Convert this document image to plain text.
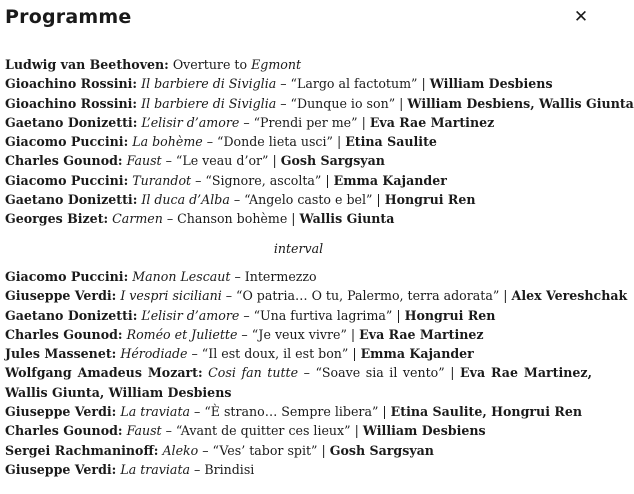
Programme	✕
Ludwig van Beethoven: Overture to Egmont
Gioachino Rossini: Il barbiere di Siviglia – “Largo al factotum” | William Desbiens
Gioachino Rossini: Il barbiere di Siviglia – “Dunque io son” | William Desbiens, Wallis Giunta
Gaetano Donizetti: L’elisir d’amore – “Prendi per me” | Eva Rae Martinez
Giacomo Puccini: La bohème – “Donde lieta usci” | Etina Saulite
Charles Gounod: Faust – “Le veau d’or” | Gosh Sargsyan
Giacomo Puccini: Turandot – “Signore, ascolta” | Emma Kajander
Gaetano Donizetti: Il duca d’Alba – “Angelo casto e bel” | Hongrui Ren
Georges Bizet: Carmen – Chanson bohème | Wallis Giunta
interval
Giacomo Puccini: Manon Lescaut – Intermezzo
Giuseppe Verdi: I vespri siciliani – “O patria… O tu, Palermo, terra adorata” | Alex Vereshchak
Gaetano Donizetti: L’elisir d’amore – “Una furtiva lagrima” | Hongrui Ren
Charles Gounod: Roméo et Juliette – “Je veux vivre” | Eva Rae Martinez
Jules Massenet: Hérodiade – “Il est doux, il est bon” | Emma Kajander
Wolfgang Amadeus Mozart: Cosi fan tutte – “Soave sia il vento” | Eva Rae Martinez, Wallis Giunta, William Desbiens
Giuseppe Verdi: La traviata – “È strano… Sempre libera” | Etina Saulite, Hongrui Ren
Charles Gounod: Faust – “Avant de quitter ces lieux” | William Desbiens
Sergei Rachmaninoff: Aleko – “Ves’ tabor spit” | Gosh Sargsyan
Giuseppe Verdi: La traviata – Brindisi
